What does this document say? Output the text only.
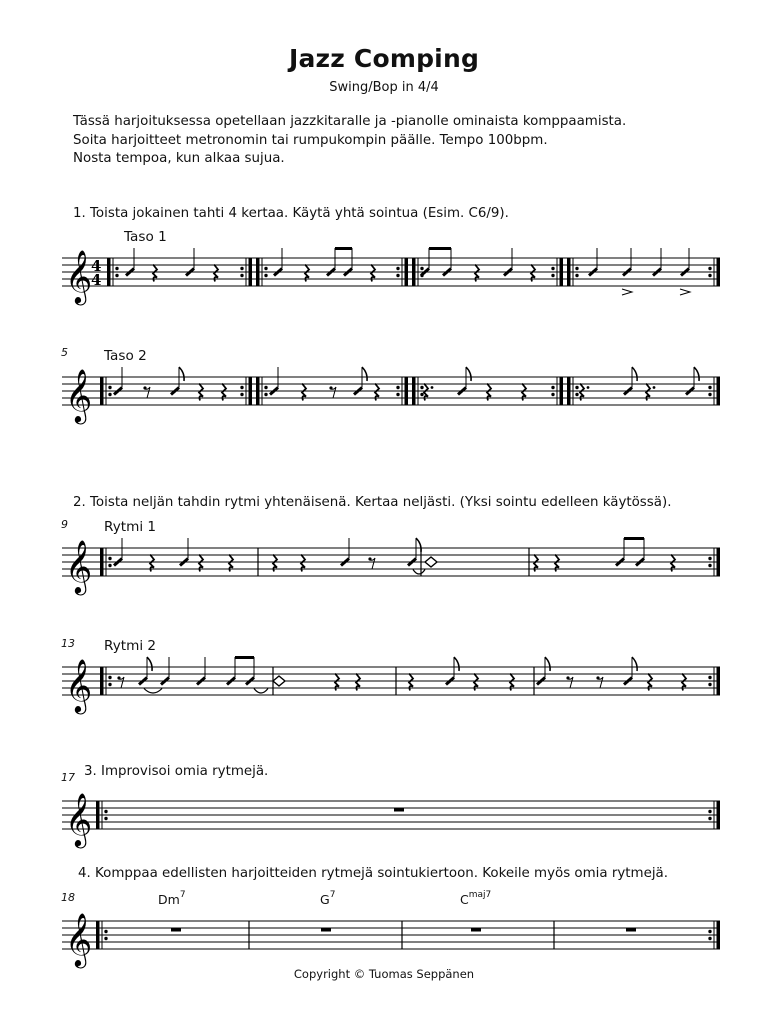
Jazz Comping
Swing/Bop in 4/4
Tässä harjoituksessa opetellaan jazzkitaralle ja -pianolle ominaista komppaamista.
Soita harjoitteet metronomin tai rumpukompin päälle. Tempo 100bpm.
Nosta tempoa, kun alkaa sujua.
1. Toista jokainen tahti 4 kertaa. Käytä yhtä sointua (Esim. C6/9).
2. Toista neljän tahdin rytmi yhtenäisenä. Kertaa neljästi. (Yksi sointu edelleen käytössä).
3. Improvisoi omia rytmejä.
4. Komppaa edellisten harjoitteiden rytmejä sointukiertoon. Kokeile myös omia rytmejä.
Taso 1
Taso 2
Rytmi 1
Rytmi 2
5
9
13
17
18	Dm$^7$	$G^7$	$C^{maj7}$
𝄞
4
4
𝄞
𝄞
𝄞
𝄞
𝄞
Copyright © Tuomas Seppänen
